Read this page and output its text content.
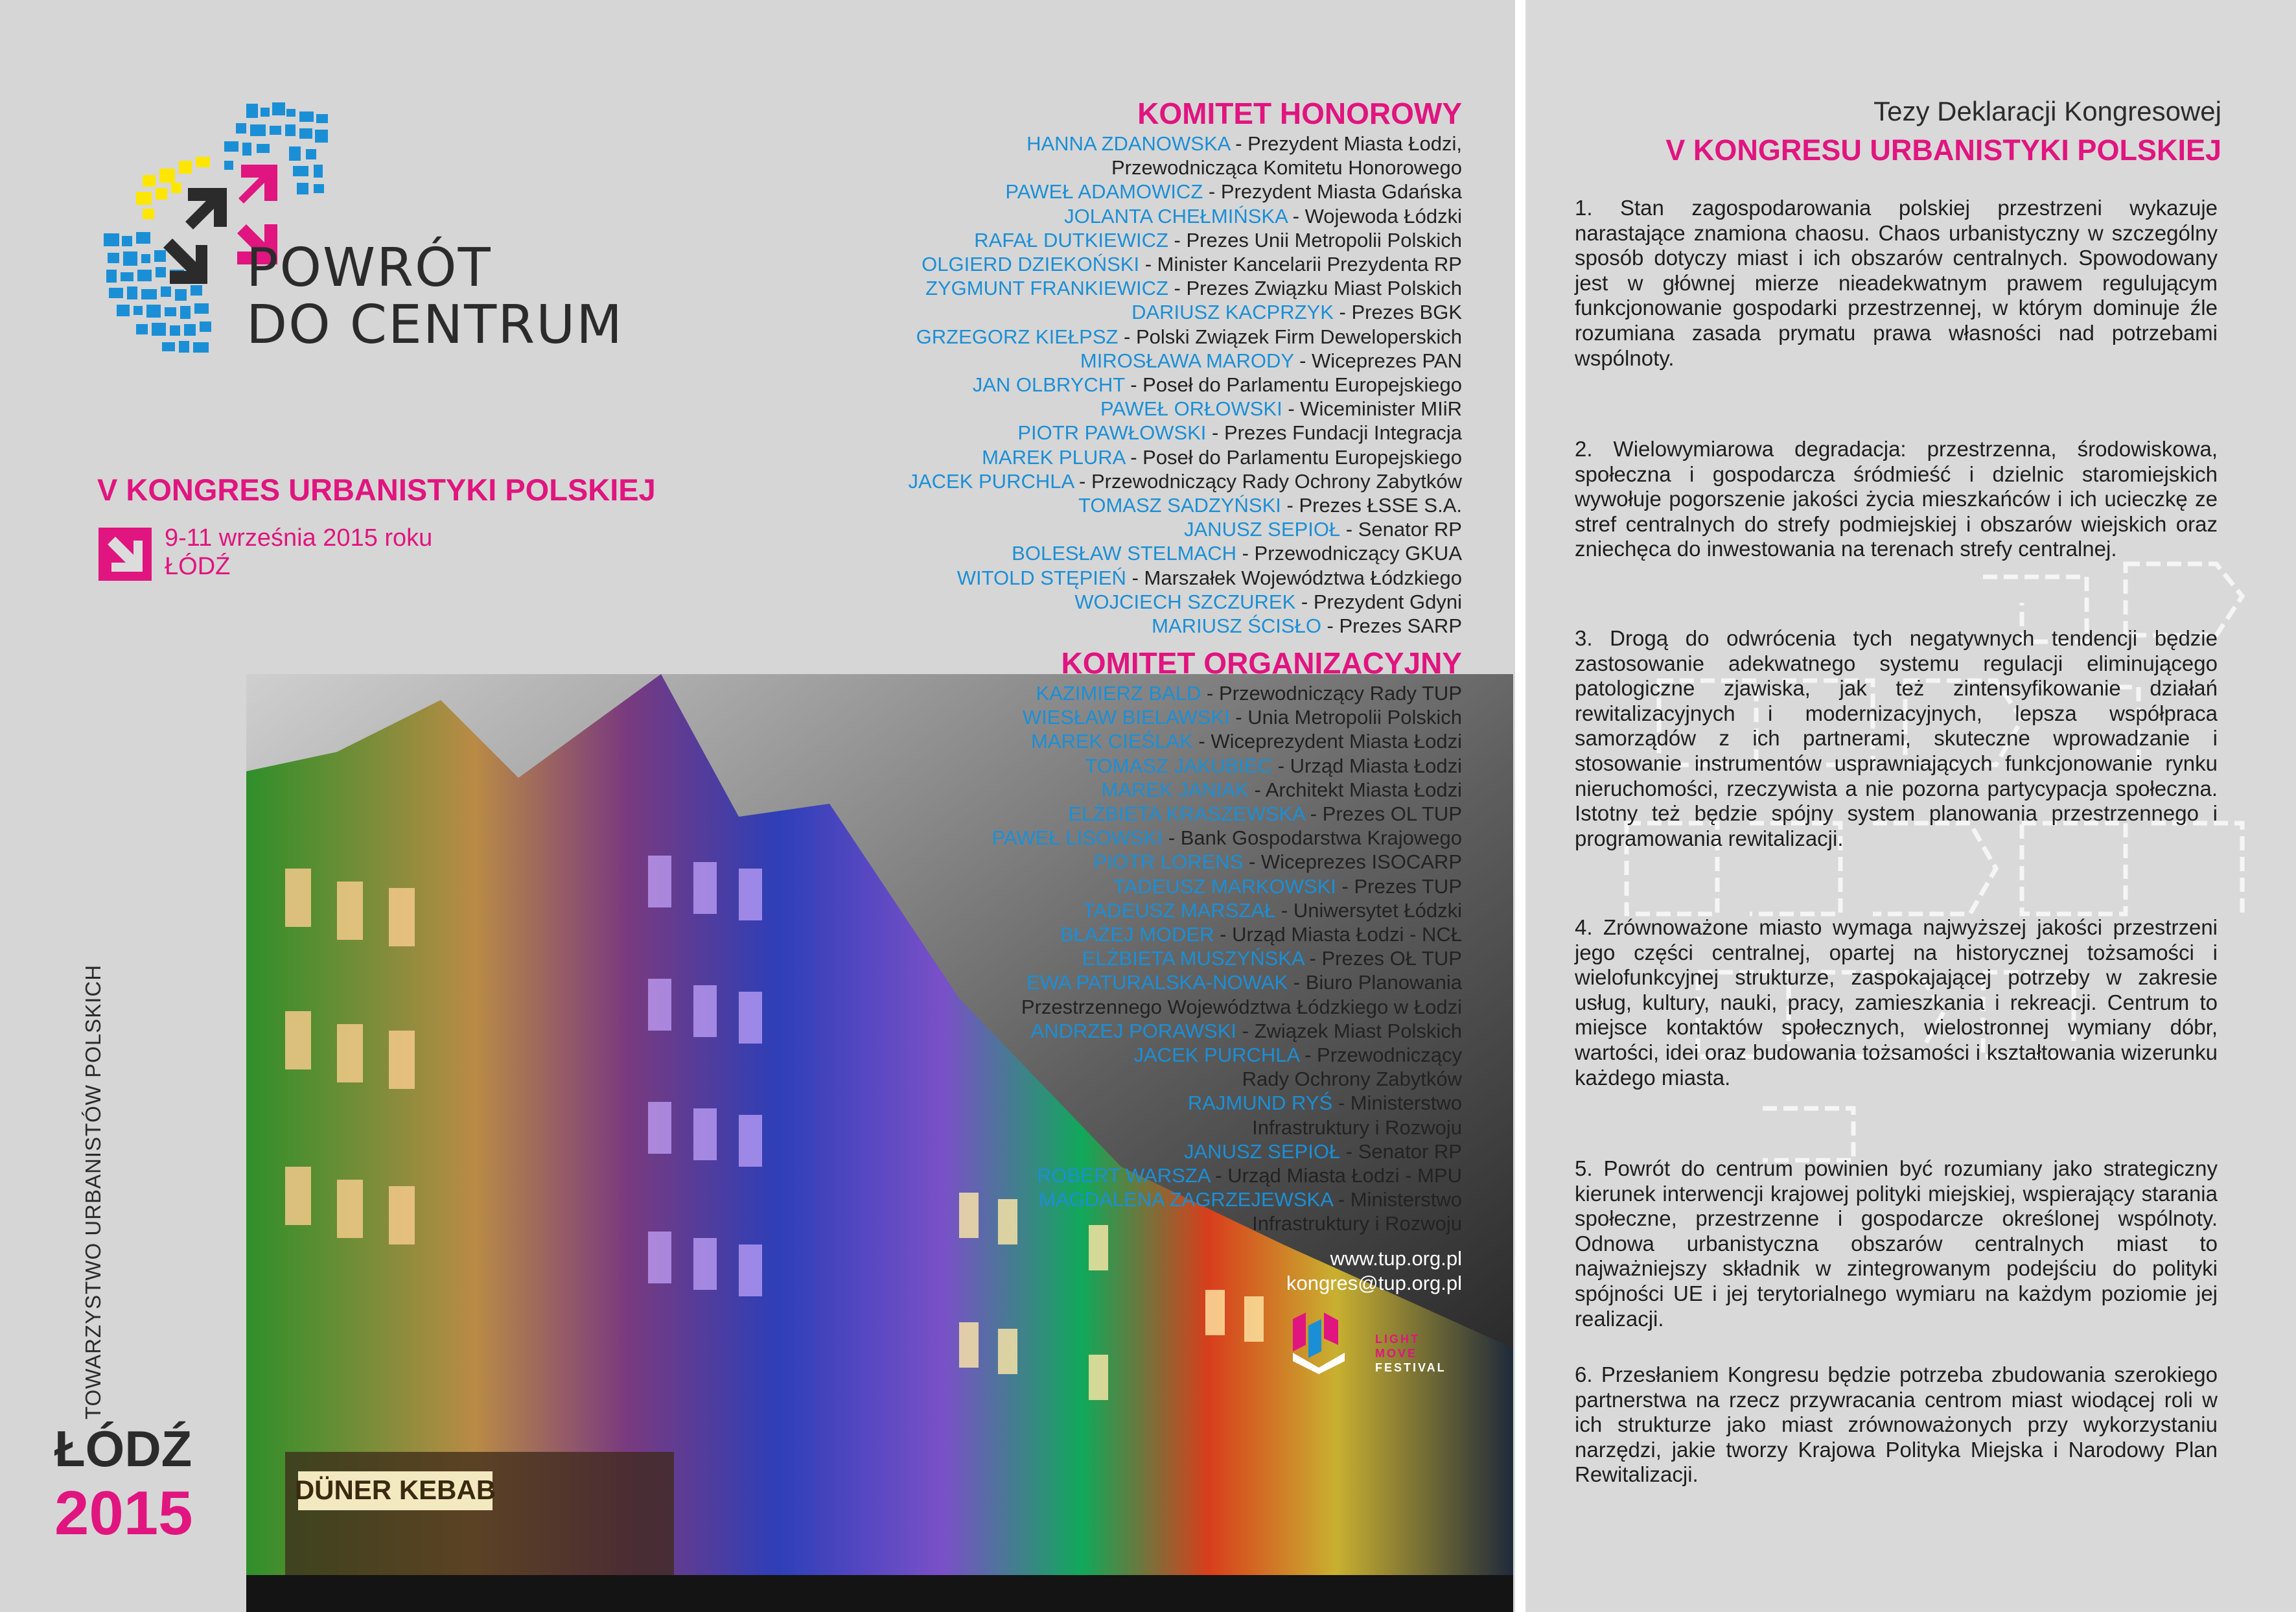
POWRÓT
DO CENTRUM
V KONGRES URBANISTYKI POLSKIEJ
9-11 września 2015 roku
ŁÓDŹ
TOWARZYSTWO URBANISTÓW POLSKICH
ŁÓDŹ
2015	DÜNER KEBAB
KOMITET HONOROWY
HANNA ZDANOWSKA - Prezydent Miasta Łodzi,
Przewodnicząca Komitetu Honorowego
PAWEŁ ADAMOWICZ - Prezydent Miasta Gdańska
JOLANTA CHEŁMIŃSKA - Wojewoda Łódzki
RAFAŁ DUTKIEWICZ - Prezes Unii Metropolii Polskich
OLGIERD DZIEKOŃSKI - Minister Kancelarii Prezydenta RP
ZYGMUNT FRANKIEWICZ - Prezes Związku Miast Polskich
DARIUSZ KACPRZYK - Prezes BGK
GRZEGORZ KIEŁPSZ - Polski Związek Firm Deweloperskich
MIROSŁAWA MARODY - Wiceprezes PAN
JAN OLBRYCHT - Poseł do Parlamentu Europejskiego
PAWEŁ ORŁOWSKI - Wiceminister MIiR
PIOTR PAWŁOWSKI - Prezes Fundacji Integracja
MAREK PLURA - Poseł do Parlamentu Europejskiego
JACEK PURCHLA - Przewodniczący Rady Ochrony Zabytków
TOMASZ SADZYŃSKI - Prezes ŁSSE S.A.
JANUSZ SEPIOŁ - Senator RP
BOLESŁAW STELMACH - Przewodniczący GKUA
WITOLD STĘPIEŃ - Marszałek Województwa Łódzkiego
WOJCIECH SZCZUREK - Prezydent Gdyni
MARIUSZ ŚCISŁO - Prezes SARP
KOMITET ORGANIZACYJNY
KAZIMIERZ BALD - Przewodniczący Rady TUP
WIESŁAW BIELAWSKI - Unia Metropolii Polskich
MAREK CIEŚLAK - Wiceprezydent Miasta Łodzi
TOMASZ JAKUBIEC - Urząd Miasta Łodzi
MAREK JANIAK - Architekt Miasta Łodzi
ELŻBIETA KRASZEWSKA - Prezes OL TUP
PAWEŁ LISOWSKI - Bank Gospodarstwa Krajowego
PIOTR LORENS - Wiceprezes ISOCARP
TADEUSZ MARKOWSKI - Prezes TUP
TADEUSZ MARSZAŁ - Uniwersytet Łódzki
BŁAŻEJ MODER - Urząd Miasta Łodzi - NCŁ
ELŻBIETA MUSZYŃSKA - Prezes OŁ TUP
EWA PATURALSKA-NOWAK - Biuro Planowania
Przestrzennego Województwa Łódzkiego w Łodzi
ANDRZEJ PORAWSKI - Związek Miast Polskich
JACEK PURCHLA - Przewodniczący
Rady Ochrony Zabytków
RAJMUND RYŚ - Ministerstwo
Infrastruktury i Rozwoju
JANUSZ SEPIOŁ - Senator RP
ROBERT WARSZA - Urząd Miasta Łodzi - MPU
MAGDALENA ZAGRZEJEWSKA - Ministerstwo
Infrastruktury i Rozwoju
www.tup.org.pl
kongres@tup.org.pl
LIGHT
MOVE
FESTIVAL
Tezy Deklaracji Kongresowej
V KONGRESU URBANISTYKI POLSKIEJ
1. Stan zagospodarowania polskiej przestrzeni wykazuje narastające znamiona chaosu. Chaos urbanistyczny w szczególny sposób dotyczy miast i ich obszarów centralnych. Spowodowany jest w głównej mierze nieadekwatnym prawem regulującym funkcjonowanie gospodarki przestrzennej, w którym dominuje źle rozumiana zasada prymatu prawa własności nad potrzebami wspólnoty.
2. Wielowymiarowa degradacja: przestrzenna, środowiskowa, społeczna i gospodarcza śródmieść i dzielnic staromiejskich wywołuje pogorszenie jakości życia mieszkańców i ich ucieczkę ze stref centralnych do strefy podmiejskiej i obszarów wiejskich oraz zniechęca do inwestowania na terenach strefy centralnej.
3. Drogą do odwrócenia tych negatywnych tendencji będzie zastosowanie adekwatnego systemu regulacji eliminującego patologiczne zjawiska, jak też zintensyfikowanie działań rewitalizacyjnych i modernizacyjnych, lepsza współpraca samorządów z ich partnerami, skuteczne wprowadzanie i stosowanie instrumentów usprawniających funkcjonowanie rynku nieruchomości, rzeczywista a nie pozorna partycypacja społeczna. Istotny też będzie spójny system planowania przestrzennego i programowania rewitalizacji.
4. Zrównoważone miasto wymaga najwyższej jakości przestrzeni jego części centralnej, opartej na historycznej tożsamości i wielofunkcyjnej strukturze, zaspokajającej potrzeby w zakresie usług, kultury, nauki, pracy, zamieszkania i rekreacji. Centrum to miejsce kontaktów społecznych, wielostronnej wymiany dóbr, wartości, idei oraz budowania tożsamości i kształtowania wizerunku każdego miasta.
5. Powrót do centrum powinien być rozumiany jako strategiczny kierunek interwencji krajowej polityki miejskiej, wspierający starania społeczne, przestrzenne i gospodarcze określonej wspólnoty. Odnowa urbanistyczna obszarów centralnych miast to najważniejszy składnik w zintegrowanym podejściu do polityki spójności UE i jej terytorialnego wymiaru na każdym poziomie jej realizacji.
6. Przesłaniem Kongresu będzie potrzeba zbudowania szerokiego partnerstwa na rzecz przywracania centrom miast wiodącej roli w ich strukturze jako miast zrównoważonych przy wykorzystaniu narzędzi, jakie tworzy Krajowa Polityka Miejska i Narodowy Plan Rewitalizacji.
